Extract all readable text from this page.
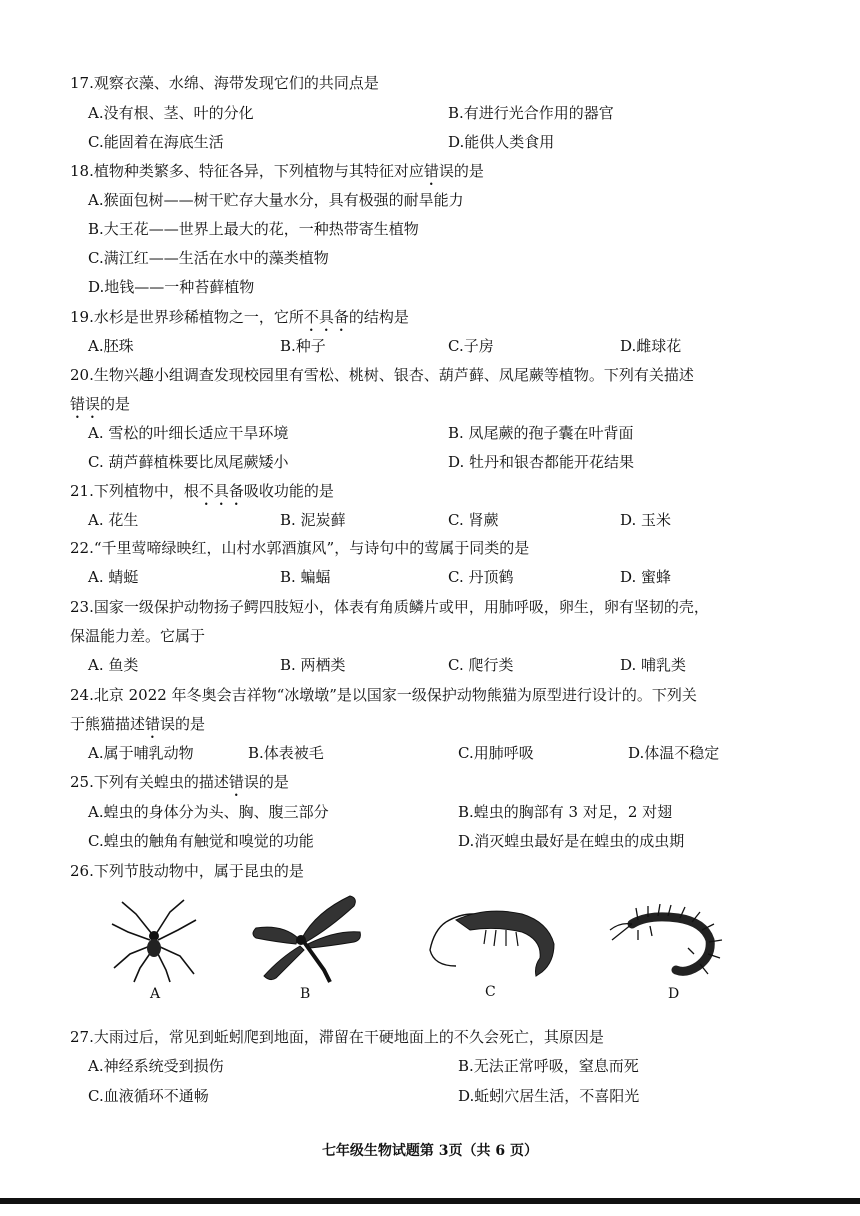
17.观察衣藻、水绵、海带发现它们的共同点是
A.没有根、茎、叶的分化	B.有进行光合作用的器官
C.能固着在海底生活	D.能供人类食用
18.植物种类繁多、特征各异，下列植物与其特征对应错误的是
A.猴面包树——树干贮存大量水分，具有极强的耐旱能力
B.大王花——世界上最大的花，一种热带寄生植物
C.满江红——生活在水中的藻类植物
D.地钱——一种苔藓植物
19.水杉是世界珍稀植物之一，它所不具备的结构是
A.胚珠	B.种子	C.子房	D.雌球花
20.生物兴趣小组调查发现校园里有雪松、桃树、银杏、葫芦藓、凤尾蕨等植物。下列有关描述
错误的是
A. 雪松的叶细长适应干旱环境	B. 凤尾蕨的孢子囊在叶背面
C. 葫芦藓植株要比凤尾蕨矮小	D. 牡丹和银杏都能开花结果
21.下列植物中，根不具备吸收功能的是
A. 花生	B. 泥炭藓	C. 肾蕨	D. 玉米
22.“千里莺啼绿映红，山村水郭酒旗风”，与诗句中的莺属于同类的是
A. 蜻蜓	B. 蝙蝠	C. 丹顶鹤	D. 蜜蜂
23.国家一级保护动物扬子鳄四肢短小，体表有角质鳞片或甲，用肺呼吸，卵生，卵有坚韧的壳，
保温能力差。它属于
A. 鱼类	B. 两栖类	C. 爬行类	D. 哺乳类
24.北京 2022 年冬奥会吉祥物“冰墩墩”是以国家一级保护动物熊猫为原型进行设计的。下列关
于熊猫描述错误的是
A.属于哺乳动物	B.体表被毛	C.用肺呼吸	D.体温不稳定
25.下列有关蝗虫的描述错误的是
A.蝗虫的身体分为头、胸、腹三部分	B.蝗虫的胸部有 3 对足，2 对翅
C.蝗虫的触角有触觉和嗅觉的功能	D.消灭蝗虫最好是在蝗虫的成虫期
26.下列节肢动物中，属于昆虫的是
A	B	C	D
27.大雨过后，常见到蚯蚓爬到地面，滞留在干硬地面上的不久会死亡，其原因是
A.神经系统受到损伤	B.无法正常呼吸，窒息而死
C.血液循环不通畅	D.蚯蚓穴居生活，不喜阳光
七年级生物试题第 3页（共 6 页）
